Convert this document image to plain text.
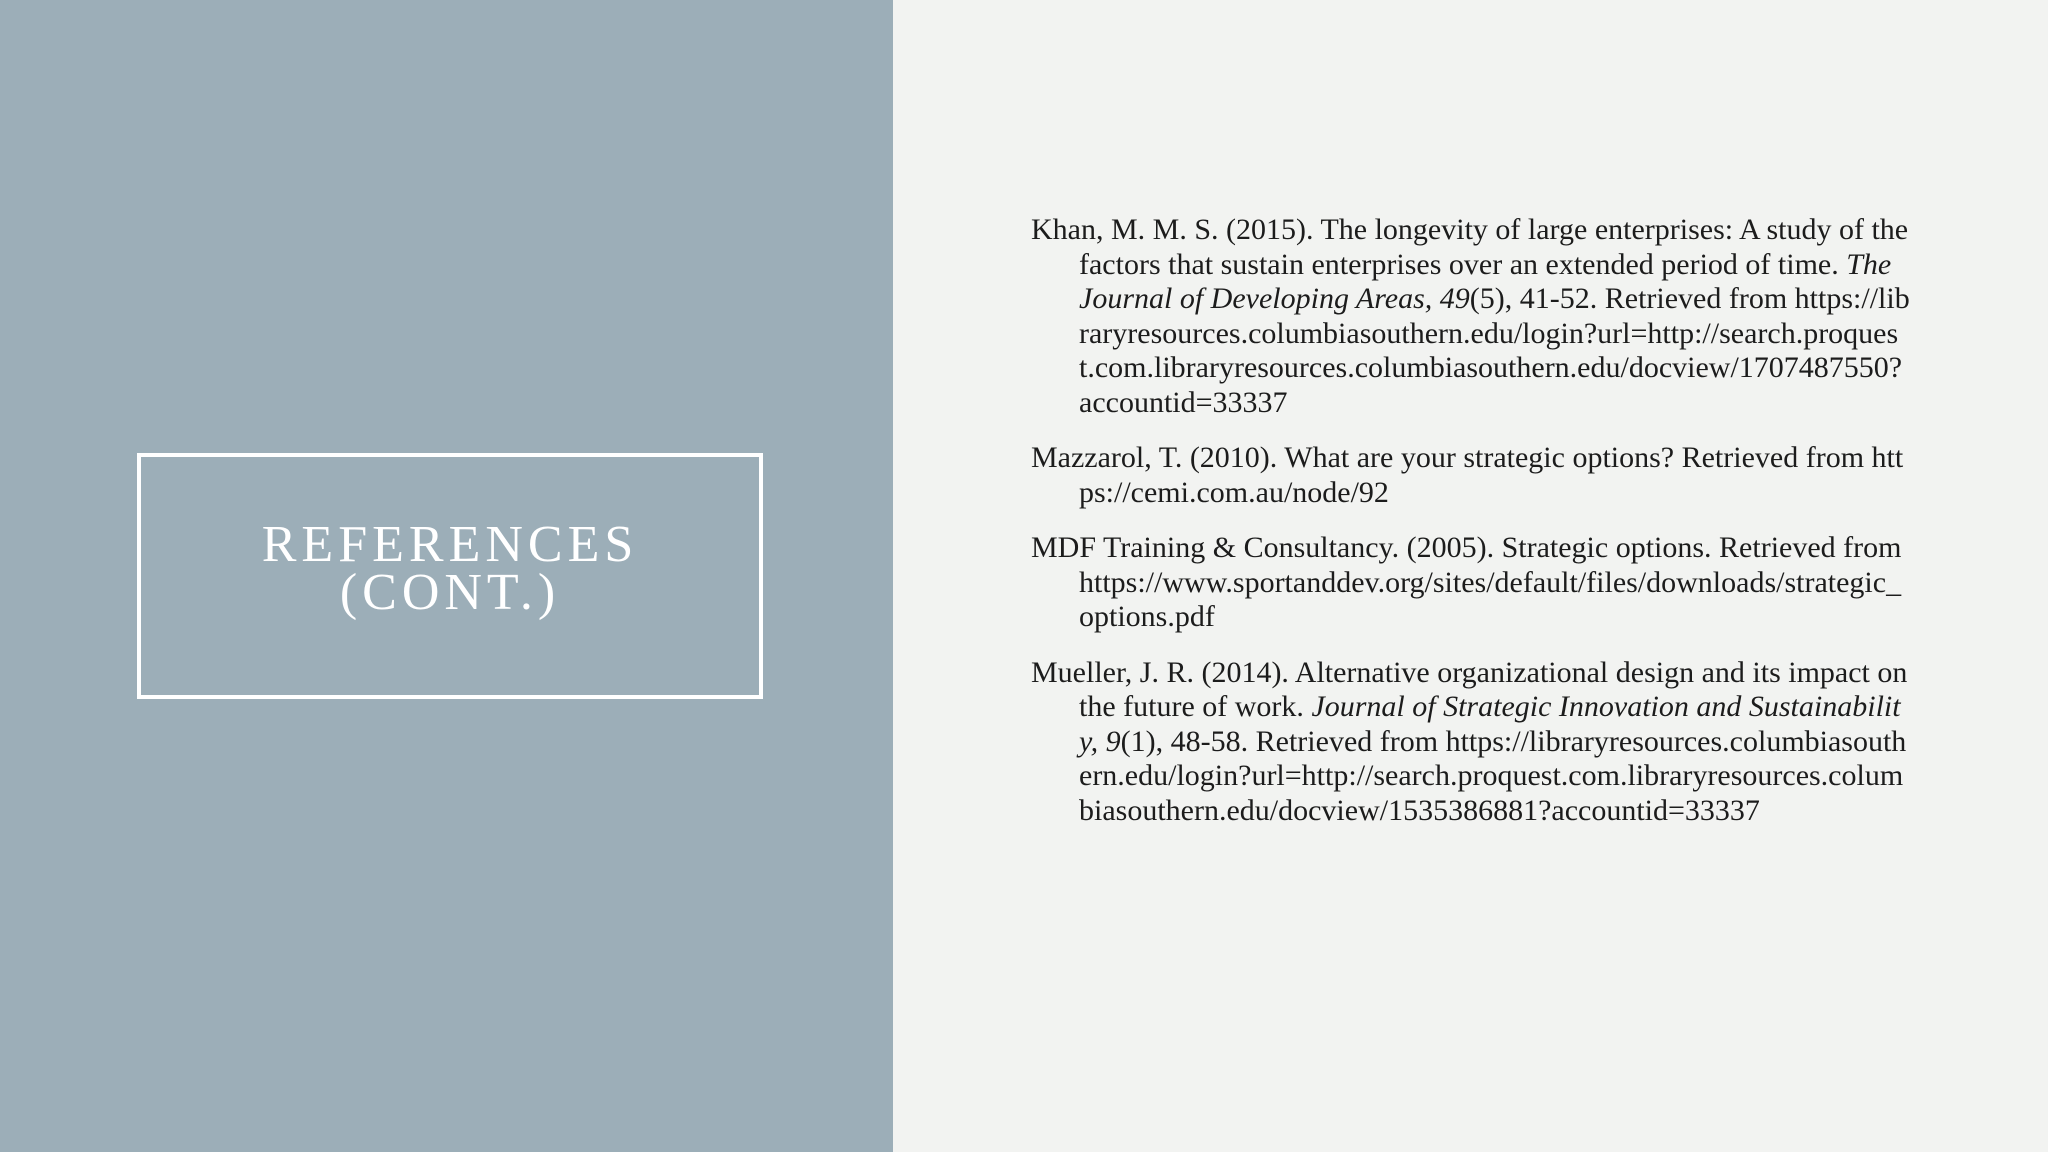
REFERENCES
(CONT.)

Khan, M. M. S. (2015). The longevity of large enterprises: A study of the factors that sustain enterprises over an extended period of time. The Journal of Developing Areas, 49(5), 41-52. Retrieved from https://libraryresources.columbiasouthern.edu/login?url=http://search.proquest.com.libraryresources.columbiasouthern.edu/docview/1707487550?accountid=33337

Mazzarol, T. (2010). What are your strategic options? Retrieved from https://cemi.com.au/node/92

MDF Training & Consultancy. (2005). Strategic options. Retrieved from https://www.sportanddev.org/sites/default/files/downloads/strategic_options.pdf

Mueller, J. R. (2014). Alternative organizational design and its impact on the future of work. Journal of Strategic Innovation and Sustainability, 9(1), 48-58. Retrieved from https://libraryresources.columbiasouthern.edu/login?url=http://search.proquest.com.libraryresources.columbiasouthern.edu/docview/1535386881?accountid=33337
